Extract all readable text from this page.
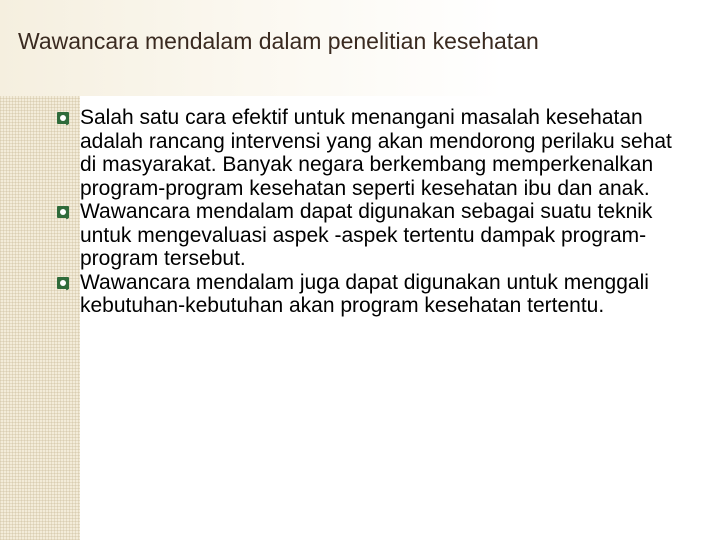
Wawancara mendalam dalam penelitian kesehatan
Salah satu cara efektif untuk menangani masalah kesehatan adalah rancang intervensi yang akan mendorong perilaku sehat di masyarakat. Banyak negara berkembang memperkenalkan program-program kesehatan seperti kesehatan ibu dan anak.
Wawancara mendalam dapat digunakan sebagai suatu teknik untuk mengevaluasi aspek -aspek tertentu dampak program-program tersebut.
Wawancara mendalam juga dapat digunakan untuk menggali kebutuhan-kebutuhan akan program kesehatan tertentu.
